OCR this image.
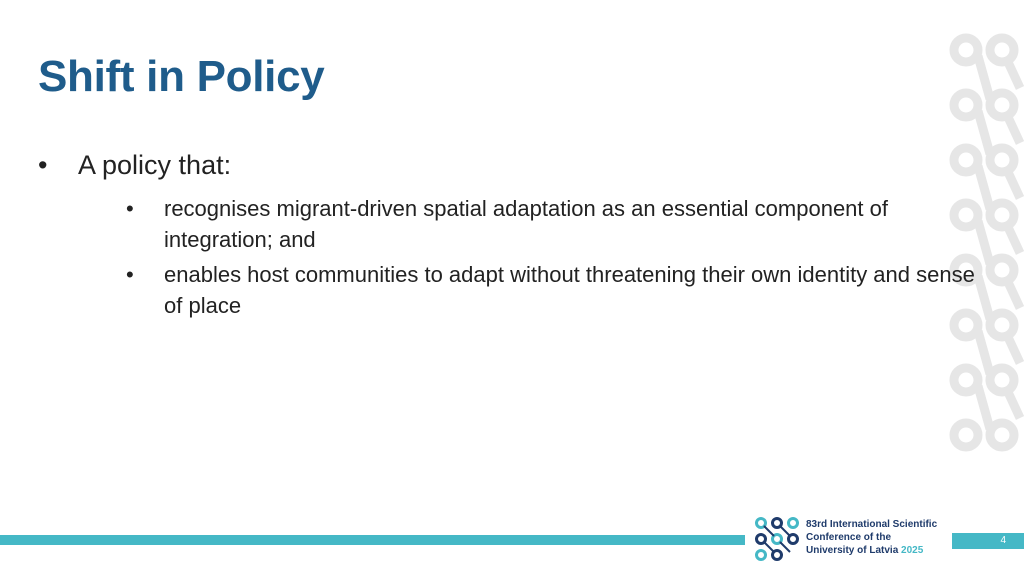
Shift in Policy
•	A policy that:
•	recognises migrant-driven spatial adaptation as an essential component of integration; and
•	enables host communities to adapt without threatening their own identity and sense of place
83rd International Scientific
Conference of the
University of Latvia 2025
4
